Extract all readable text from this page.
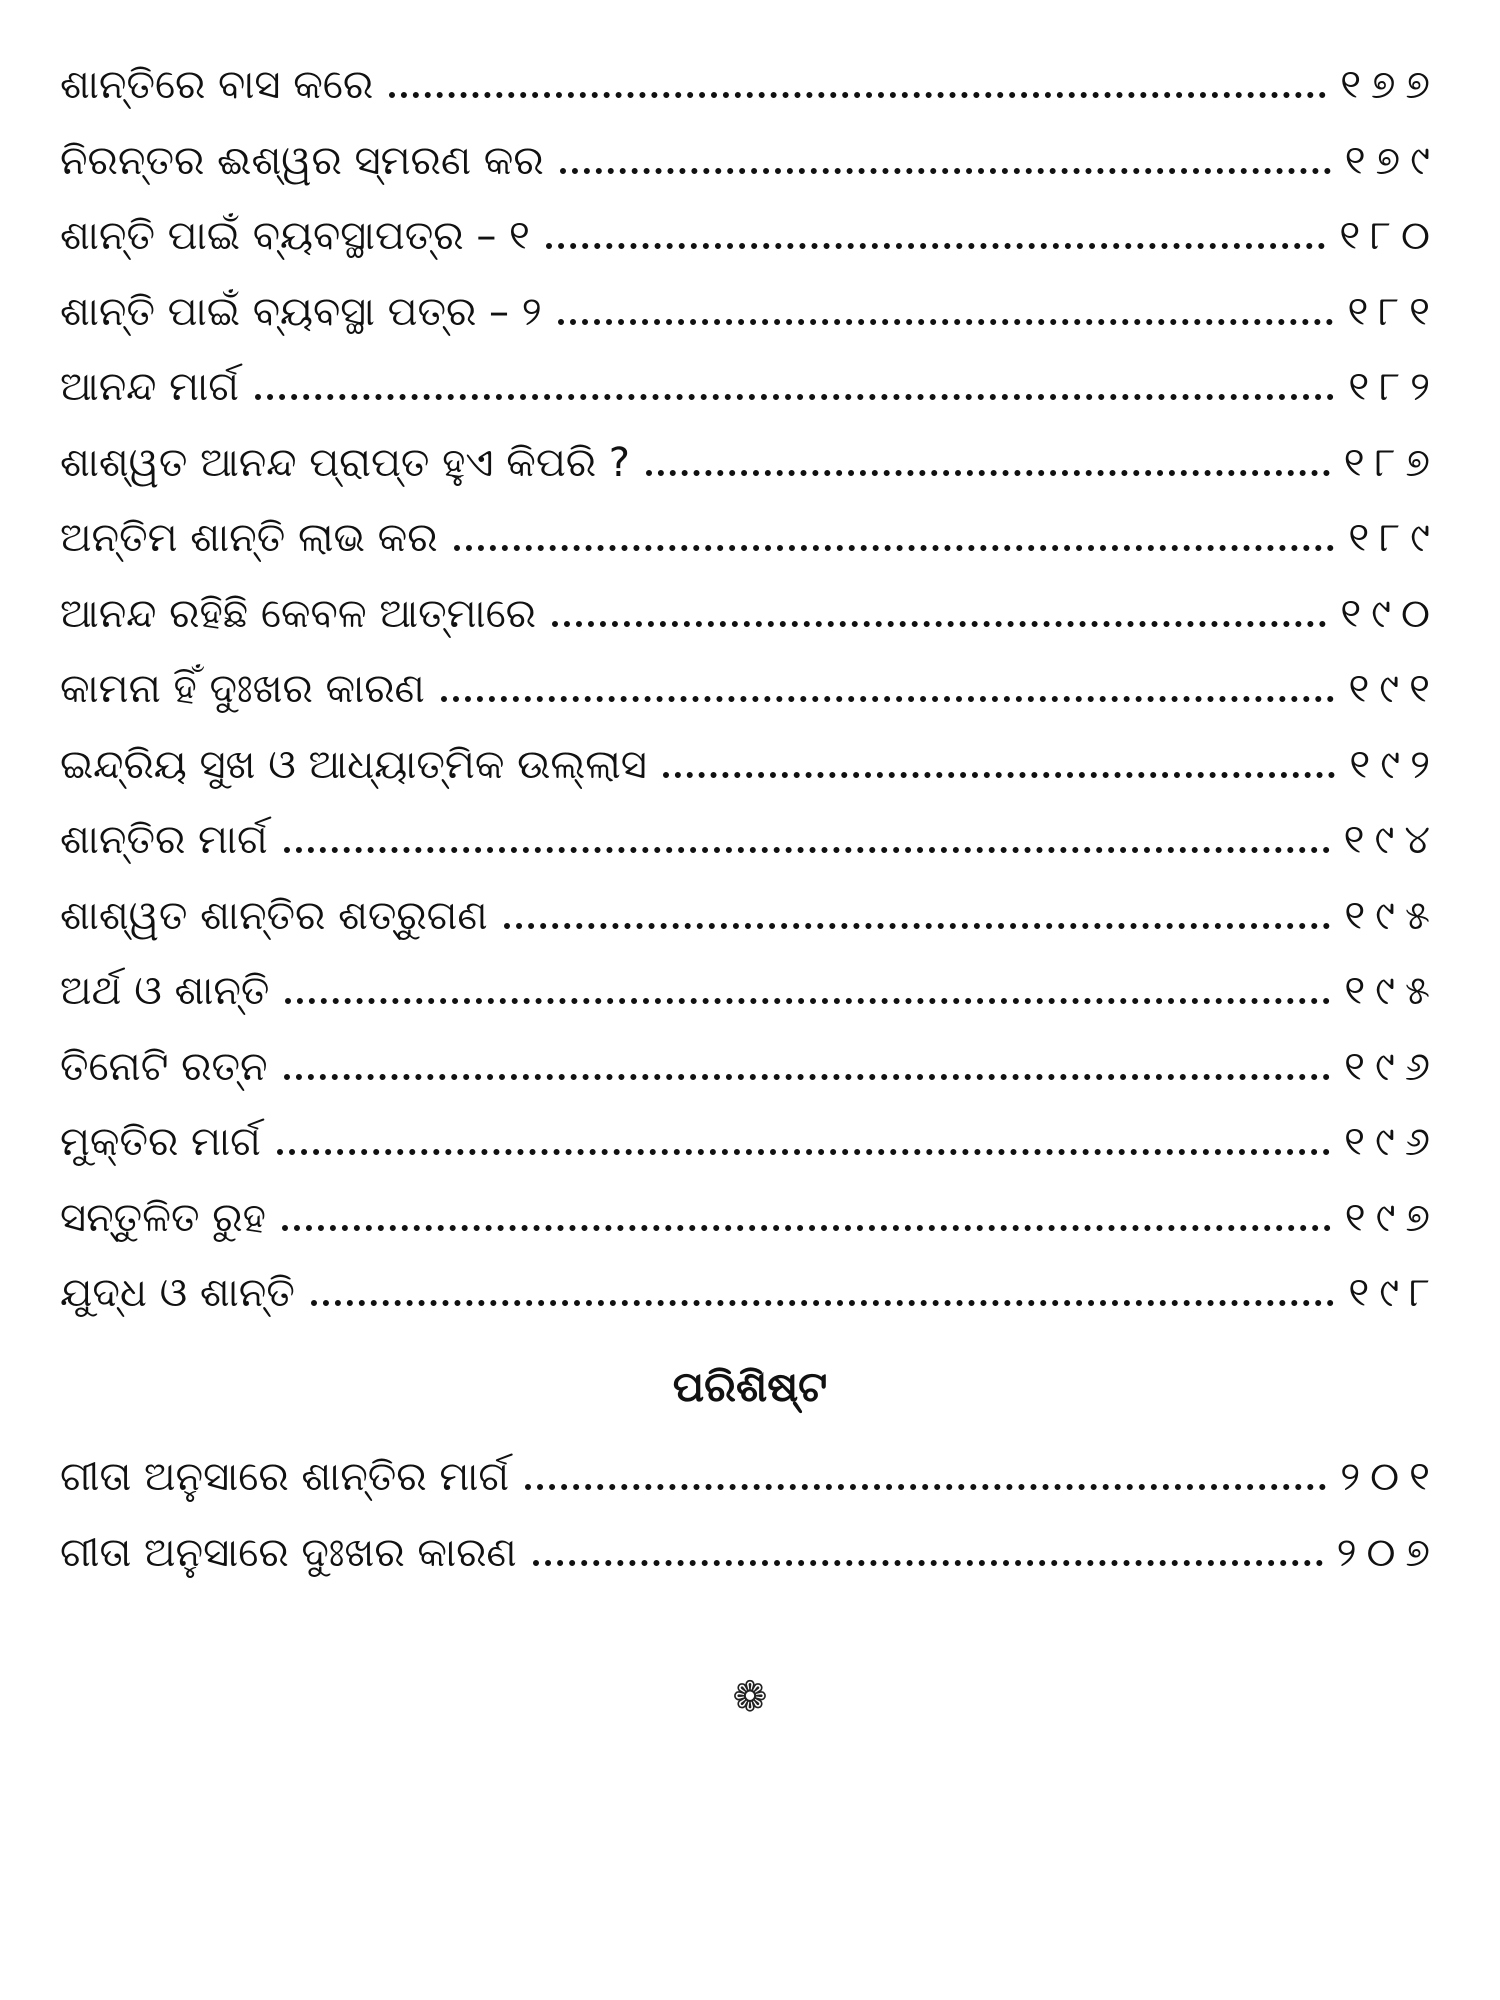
ଶାନ୍ତିରେ ବାସ କରେ	୧୭୭
ନିରନ୍ତର ଈଶ୍ୱର ସ୍ମରଣ କର	୧୭୯
ଶାନ୍ତି ପାଇଁ ବ୍ୟବସ୍ଥାପତ୍ର – ୧	୧୮୦
ଶାନ୍ତି ପାଇଁ ବ୍ୟବସ୍ଥା ପତ୍ର – ୨	୧୮୧
ଆନନ୍ଦ ମାର୍ଗ	୧୮୨
ଶାଶ୍ୱତ ଆନନ୍ଦ ପ୍ରାପ୍ତ ହୁଏ କିପରି ?	୧୮୭
ଅନ୍ତିମ ଶାନ୍ତି ଲାଭ କର	୧୮୯
ଆନନ୍ଦ ରହିଛି କେବଳ ଆତ୍ମାରେ	୧୯୦
କାମନା ହିଁ ଦୁଃଖର କାରଣ	୧୯୧
ଇନ୍ଦ୍ରିୟ ସୁଖ ଓ ଆଧ୍ୟାତ୍ମିକ ଉଲ୍ଲାସ	୧୯୨
ଶାନ୍ତିର ମାର୍ଗ	୧୯୪
ଶାଶ୍ୱତ ଶାନ୍ତିର ଶତ୍ରୁଗଣ	୧୯୫
ଅର୍ଥ ଓ ଶାନ୍ତି	୧୯୫
ତିନୋଟି ରତ୍ନ	୧୯୬
ମୁକ୍ତିର ମାର୍ଗ	୧୯୬
ସନ୍ତୁଳିତ ରୁହ	୧୯୭
ଯୁଦ୍ଧ ଓ ଶାନ୍ତି	୧୯୮
ପରିଶିଷ୍ଟ
ଗୀତା ଅନୁସାରେ ଶାନ୍ତିର ମାର୍ଗ	୨୦୧
ଗୀତା ଅନୁସାରେ ଦୁଃଖର କାରଣ	୨୦୭
❁
